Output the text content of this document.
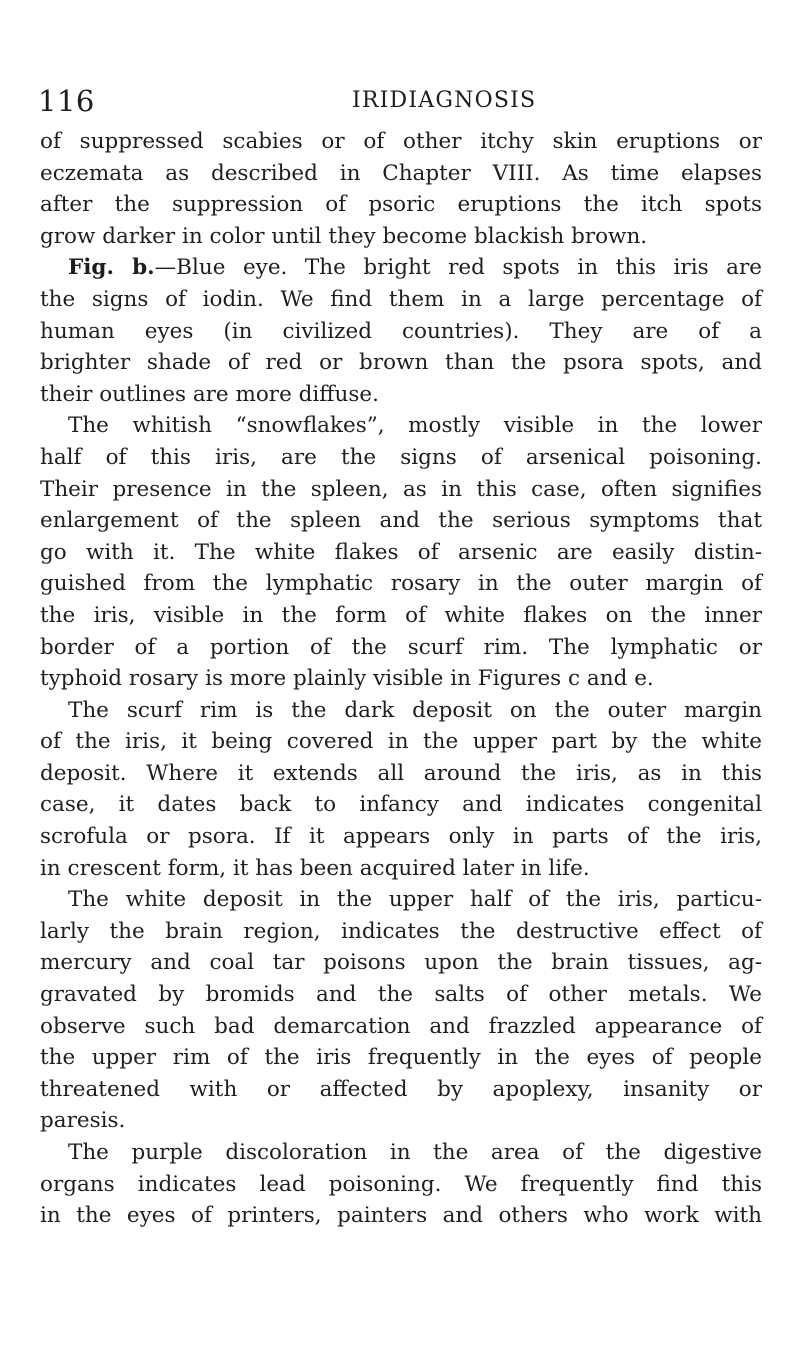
116	IRIDIAGNOSIS
of suppressed scabies or of other itchy skin eruptions or
eczemata as described in Chapter VIII. As time elapses
after the suppression of psoric eruptions the itch spots
grow darker in color until they become blackish brown.
Fig. b.—Blue eye. The bright red spots in this iris are
the signs of iodin. We find them in a large percentage of
human eyes (in civilized countries). They are of a
brighter shade of red or brown than the psora spots, and
their outlines are more diffuse.
The whitish “snowflakes”, mostly visible in the lower
half of this iris, are the signs of arsenical poisoning.
Their presence in the spleen, as in this case, often signifies
enlargement of the spleen and the serious symptoms that
go with it. The white flakes of arsenic are easily distin-
guished from the lymphatic rosary in the outer margin of
the iris, visible in the form of white flakes on the inner
border of a portion of the scurf rim. The lymphatic or
typhoid rosary is more plainly visible in Figures c and e.
The scurf rim is the dark deposit on the outer margin
of the iris, it being covered in the upper part by the white
deposit. Where it extends all around the iris, as in this
case, it dates back to infancy and indicates congenital
scrofula or psora. If it appears only in parts of the iris,
in crescent form, it has been acquired later in life.
The white deposit in the upper half of the iris, particu-
larly the brain region, indicates the destructive effect of
mercury and coal tar poisons upon the brain tissues, ag-
gravated by bromids and the salts of other metals. We
observe such bad demarcation and frazzled appearance of
the upper rim of the iris frequently in the eyes of people
threatened with or affected by apoplexy, insanity or
paresis.
The purple discoloration in the area of the digestive
organs indicates lead poisoning. We frequently find this
in the eyes of printers, painters and others who work with
